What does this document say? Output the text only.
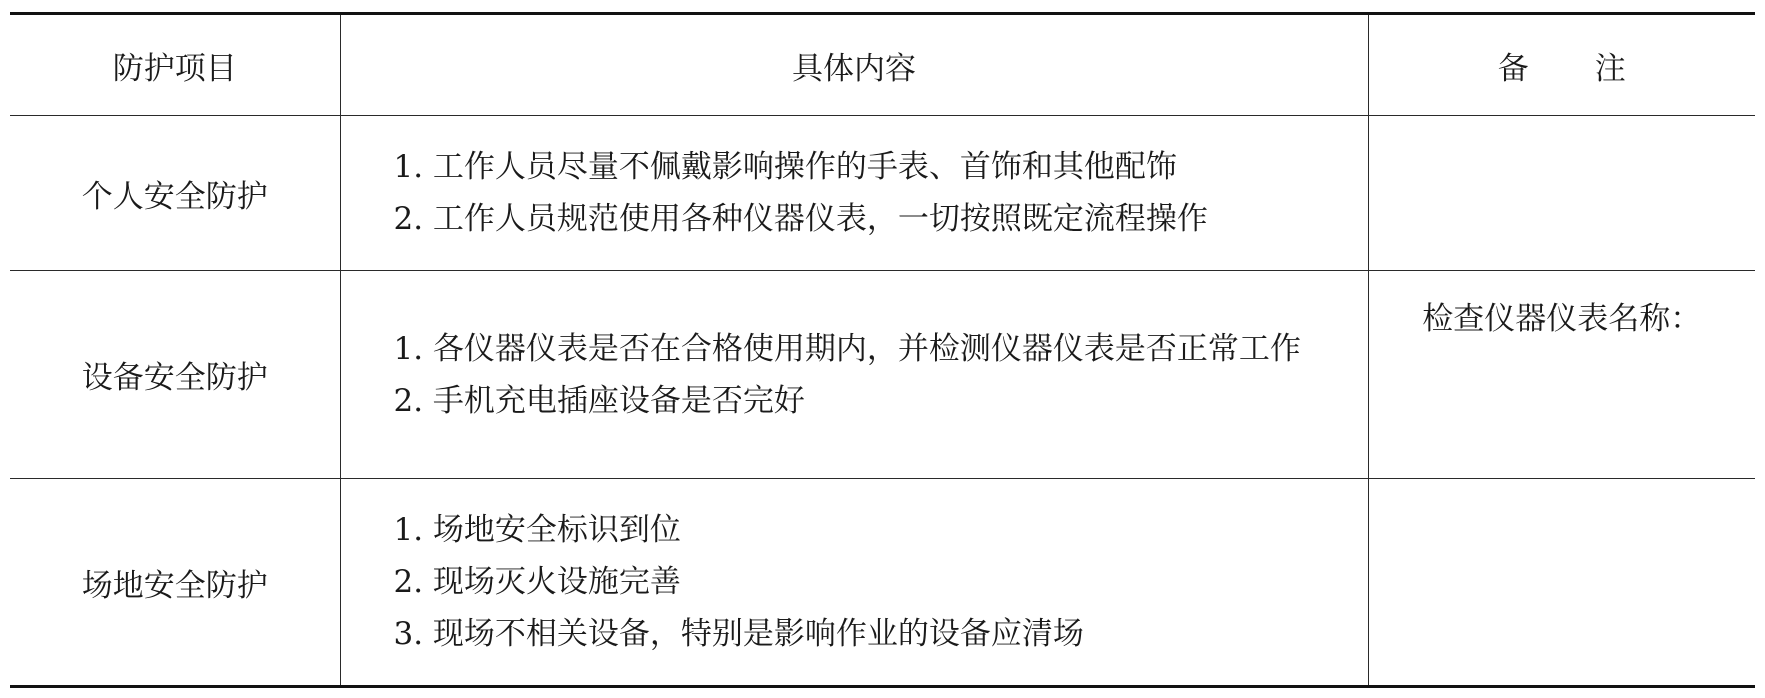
防护项目	具体内容	备 注
个人安全防护	1. 工作人员尽量不佩戴影响操作的手表、首饰和其他配饰
2. 工作人员规范使用各种仪器仪表，一切按照既定流程操作	

设备安全防护	1. 各仪器仪表是否在合格使用期内，并检测仪器仪表是否正常工作
2. 手机充电插座设备是否完好	检查仪器仪表名称：
场地安全防护	1. 场地安全标识到位
2. 现场灭火设施完善
3. 现场不相关设备，特别是影响作业的设备应清场	
